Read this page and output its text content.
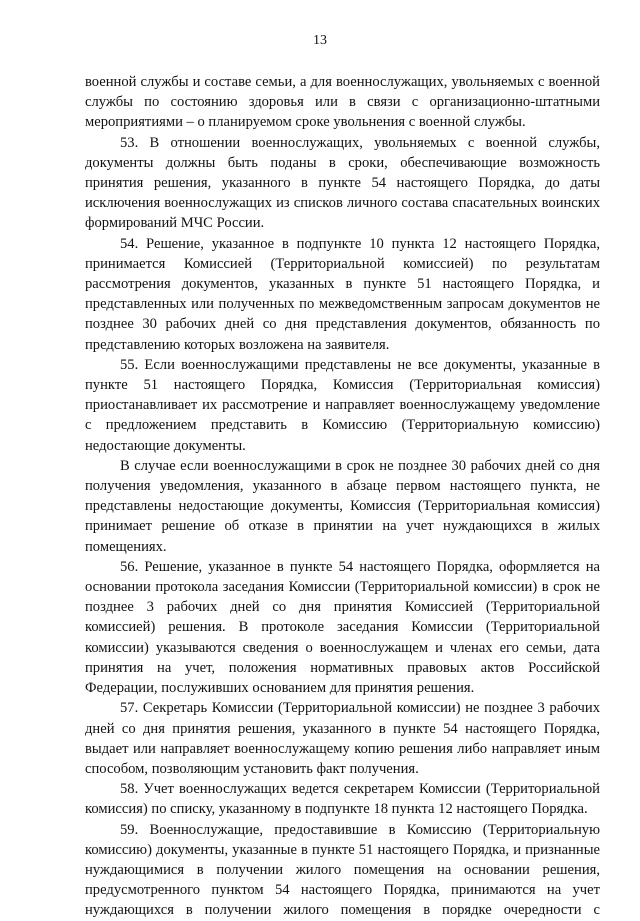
13

военной службы и составе семьи, а для военнослужащих, увольняемых с военной службы по состоянию здоровья или в связи с организационно-штатными мероприятиями – о планируемом сроке увольнения с военной службы.

53. В отношении военнослужащих, увольняемых с военной службы, документы должны быть поданы в сроки, обеспечивающие возможность принятия решения, указанного в пункте 54 настоящего Порядка, до даты исключения военнослужащих из списков личного состава спасательных воинских формирований МЧС России.

54. Решение, указанное в подпункте 10 пункта 12 настоящего Порядка, принимается Комиссией (Территориальной комиссией) по результатам рассмотрения документов, указанных в пункте 51 настоящего Порядка, и представленных или полученных по межведомственным запросам документов не позднее 30 рабочих дней со дня представления документов, обязанность по представлению которых возложена на заявителя.

55. Если военнослужащими представлены не все документы, указанные в пункте 51 настоящего Порядка, Комиссия (Территориальная комиссия) приостанавливает их рассмотрение и направляет военнослужащему уведомление с предложением представить в Комиссию (Территориальную комиссию) недостающие документы.

В случае если военнослужащими в срок не позднее 30 рабочих дней со дня получения уведомления, указанного в абзаце первом настоящего пункта, не представлены недостающие документы, Комиссия (Территориальная комиссия) принимает решение об отказе в принятии на учет нуждающихся в жилых помещениях.

56. Решение, указанное в пункте 54 настоящего Порядка, оформляется на основании протокола заседания Комиссии (Территориальной комиссии) в срок не позднее 3 рабочих дней со дня принятия Комиссией (Территориальной комиссией) решения. В протоколе заседания Комиссии (Территориальной комиссии) указываются сведения о военнослужащем и членах его семьи, дата принятия на учет, положения нормативных правовых актов Российской Федерации, послуживших основанием для принятия решения.

57. Секретарь Комиссии (Территориальной комиссии) не позднее 3 рабочих дней со дня принятия решения, указанного в пункте 54 настоящего Порядка, выдает или направляет военнослужащему копию решения либо направляет иным способом, позволяющим установить факт получения.

58. Учет военнослужащих ведется секретарем Комиссии (Территориальной комиссия) по списку, указанному в подпункте 18 пункта 12 настоящего Порядка.

59. Военнослужащие, предоставившие в Комиссию (Территориальную комиссию) документы, указанные в пункте 51 настоящего Порядка, и признанные нуждающимися в получении жилого помещения на основании решения, предусмотренного пунктом 54 настоящего Порядка, принимаются на учет нуждающихся в получении жилого помещения в порядке очередности с
